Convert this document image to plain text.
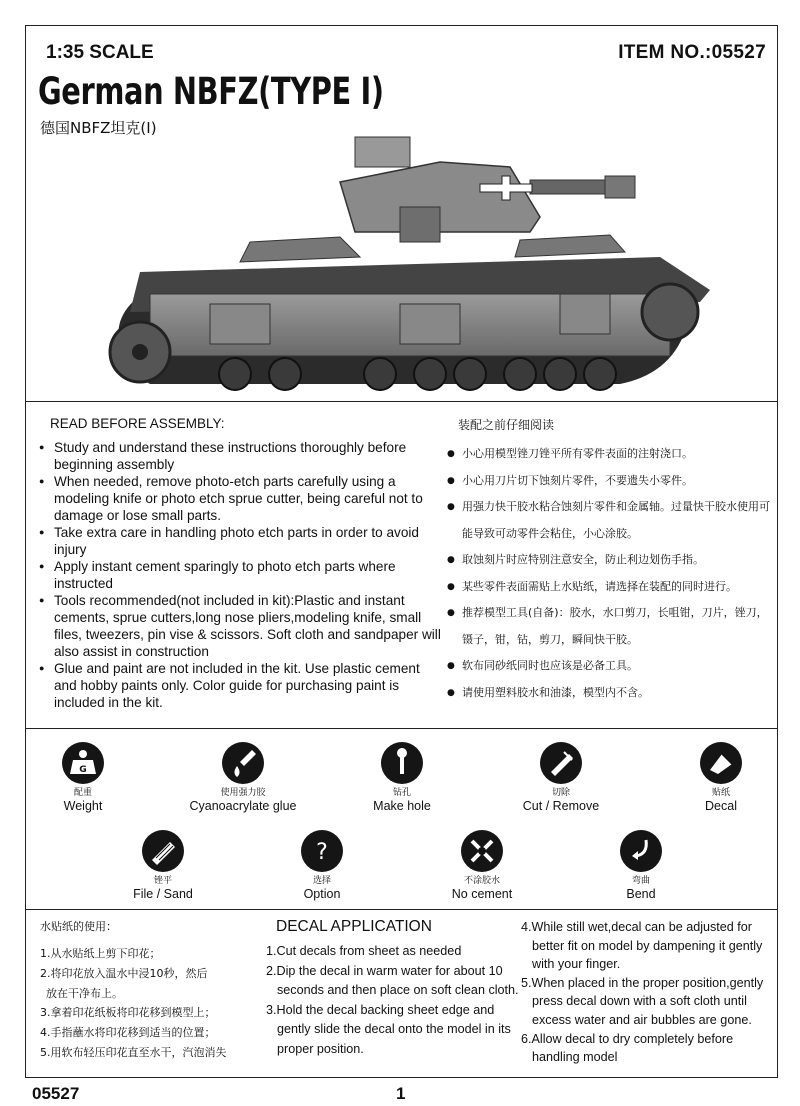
1:35 SCALE	ITEM NO.:05527
German NBFZ(TYPE I)
德国NBFZ坦克(Ⅰ)
READ BEFORE ASSEMBLY:
● Study and understand these instructions thoroughly before beginning assembly
● When needed, remove photo-etch parts carefully using a modeling knife or photo etch sprue cutter, being careful not to damage or lose small parts.
● Take extra care in handling photo etch parts in order to avoid injury
● Apply instant cement sparingly to photo etch parts where instructed
● Tools recommended(not included in kit):Plastic and instant cements, sprue cutters,long nose pliers,modeling knife, small files, tweezers, pin vise & scissors. Soft cloth and sandpaper will also assist in construction
● Glue and paint are not included in the kit. Use plastic cement and hobby paints only. Color guide for purchasing paint is included in the kit.
装配之前仔细阅读
● 小心用模型锉刀锉平所有零件表面的注射浇口。
● 小心用刀片切下蚀刻片零件，不要遗失小零件。
● 用强力快干胶水粘合蚀刻片零件和金属轴。过量快干胶水使用可能导致可动零件会粘住，小心涂胶。
● 取蚀刻片时应特别注意安全，防止利边划伤手指。
● 某些零件表面需贴上水贴纸，请选择在装配的同时进行。
● 推荐模型工具(自备)：胶水，水口剪刀，长咀钳，刀片，锉刀，镊子，钳，钻，剪刀，瞬间快干胶。
● 软布同砂纸同时也应该是必备工具。
● 请使用塑料胶水和油漆，模型内不含。
G
配重
Weight
使用强力胶
Cyanoacrylate glue
钻孔
Make hole
切除
Cut / Remove
贴纸
Decal
锉平
File / Sand
?
选择
Option
不涂胶水
No cement
弯曲
Bend
水贴纸的使用：
1.从水贴纸上剪下印花；
2.将印花放入温水中浸10秒，然后
放在干净布上。
3.拿着印花纸板将印花移到模型上；
4.手指蘸水将印花移到适当的位置；
5.用软布轻压印花直至水干，汽泡消失
DECAL APPLICATION
1.Cut decals from sheet as needed
2.Dip the decal in warm water for about 10
seconds and then place on soft clean cloth.
3.Hold the decal backing sheet edge and
gently slide the decal onto the model in its
proper position.
4.While still wet,decal can be adjusted for
better fit on model by dampening it gently
with your finger.
5.When placed in the proper position,gently
press decal down with a soft cloth until
excess water and air bubbles are gone.
6.Allow decal to dry completely before
handling model
05527	1
